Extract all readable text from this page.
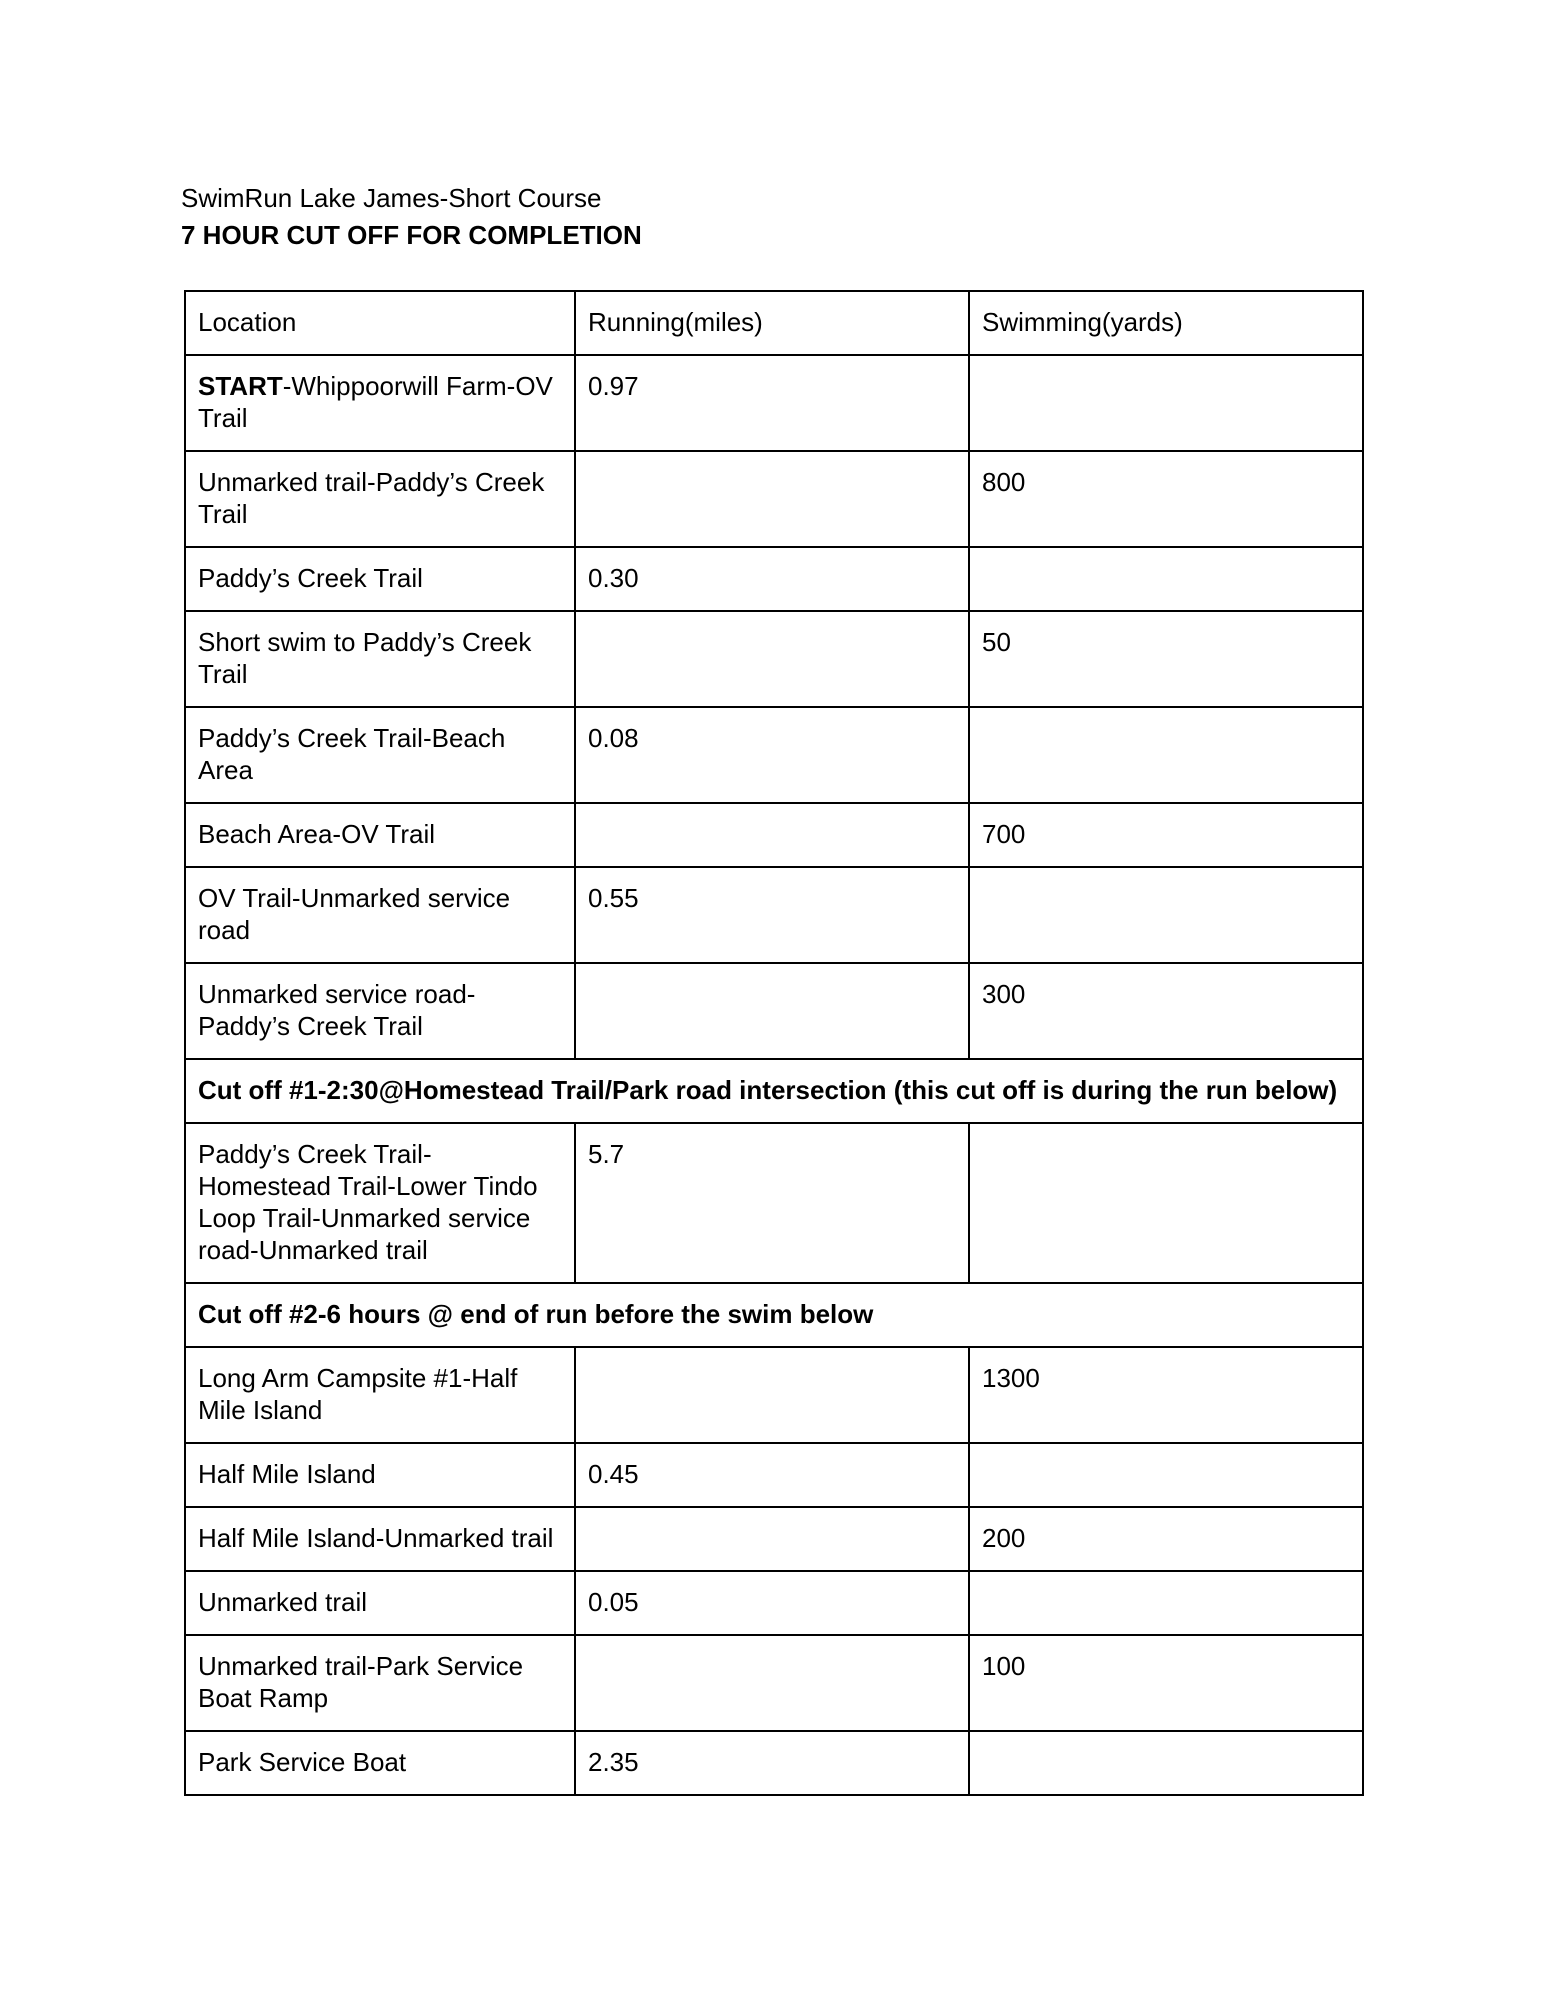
SwimRun Lake James-Short Course
7 HOUR CUT OFF FOR COMPLETION
Location	Running(miles)	Swimming(yards)
START-Whippoorwill Farm-OV Trail	0.97	
Unmarked trail-Paddy’s Creek Trail		800
Paddy’s Creek Trail	0.30	
Short swim to Paddy’s Creek Trail		50
Paddy’s Creek Trail-Beach Area	0.08	
Beach Area-OV Trail		700
OV Trail-Unmarked service road	0.55	
Unmarked service road-Paddy’s Creek Trail		300
Cut off #1-2:30@Homestead Trail/Park road intersection (this cut off is during the run below)		
Paddy’s Creek Trail-Homestead Trail-Lower Tindo Loop Trail-Unmarked service road-Unmarked trail	5.7	
Cut off #2-6 hours @ end of run before the swim below		
Long Arm Campsite #1-Half Mile Island		1300
Half Mile Island	0.45	
Half Mile Island-Unmarked trail		200
Unmarked trail	0.05	
Unmarked trail-Park Service Boat Ramp		100
Park Service Boat	2.35	
